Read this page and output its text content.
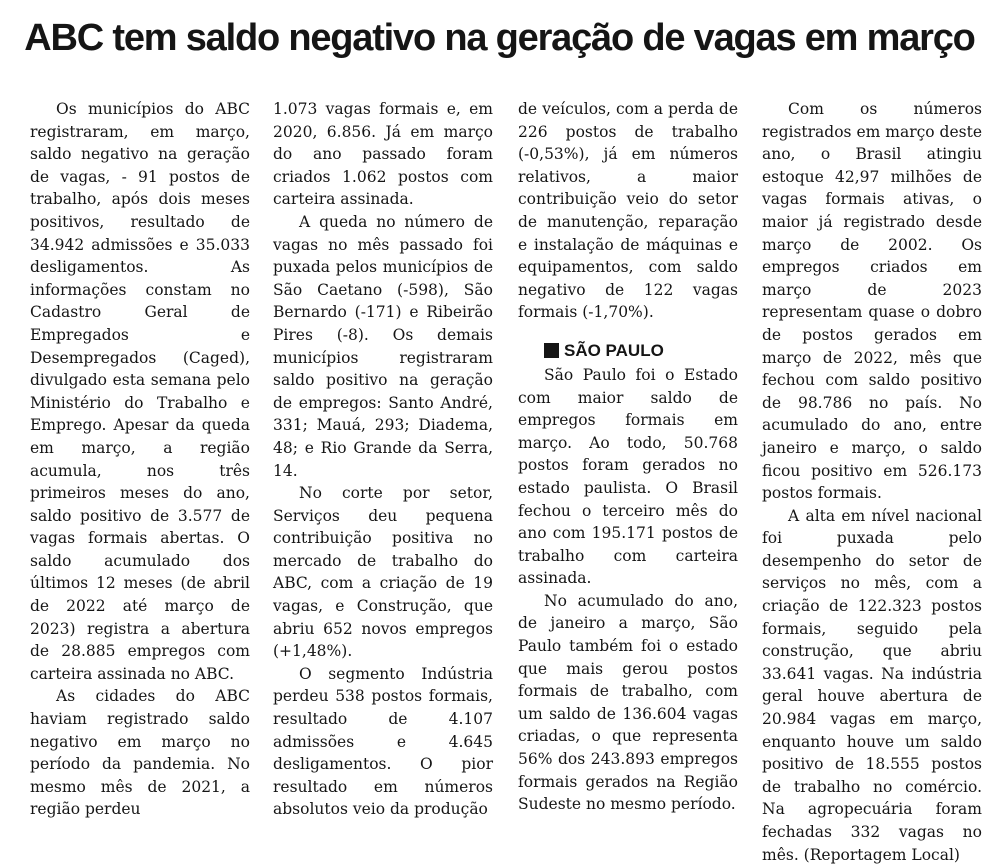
ABC tem saldo negativo na geração de vagas em março

Os municípios do ABC registraram, em março, saldo negativo na geração de vagas, - 91 postos de trabalho, após dois meses positivos, resultado de 34.942 admissões e 35.033 desligamentos. As informações constam no Cadastro Geral de Empregados e Desempregados (Caged), divulgado esta semana pelo Ministério do Trabalho e Emprego. Apesar da queda em março, a região acumula, nos três primeiros meses do ano, saldo positivo de 3.577 de vagas formais abertas. O saldo acumulado dos últimos 12 meses (de abril de 2022 até março de 2023) registra a abertura de 28.885 empregos com carteira assinada no ABC.

As cidades do ABC haviam registrado saldo negativo em março no período da pandemia. No mesmo mês de 2021, a região perdeu

1.073 vagas formais e, em 2020, 6.856. Já em março do ano passado foram criados 1.062 postos com carteira assinada.

A queda no número de vagas no mês passado foi puxada pelos municípios de São Caetano (-598), São Bernardo (-171) e Ribeirão Pires (-8). Os demais municípios registraram saldo positivo na geração de empregos: Santo André, 331; Mauá, 293; Diadema, 48; e Rio Grande da Serra, 14.

No corte por setor, Serviços deu pequena contribuição positiva no mercado de trabalho do ABC, com a criação de 19 vagas, e Construção, que abriu 652 novos empregos (+1,48%).

O segmento Indústria perdeu 538 postos formais, resultado de 4.107 admissões e 4.645 desligamentos. O pior resultado em números absolutos veio da produção

de veículos, com a perda de 226 postos de trabalho (-0,53%), já em números relativos, a maior contribuição veio do setor de manutenção, reparação e instalação de máquinas e equipamentos, com saldo negativo de 122 vagas formais (-1,70%).

SÃO PAULO

São Paulo foi o Estado com maior saldo de empregos formais em março. Ao todo, 50.768 postos foram gerados no estado paulista. O Brasil fechou o terceiro mês do ano com 195.171 postos de trabalho com carteira assinada.

No acumulado do ano, de janeiro a março, São Paulo também foi o estado que mais gerou postos formais de trabalho, com um saldo de 136.604 vagas criadas, o que representa 56% dos 243.893 empregos formais gerados na Região Sudeste no mesmo período.

Com os números registrados em março deste ano, o Brasil atingiu estoque 42,97 milhões de vagas formais ativas, o maior já registrado desde março de 2002. Os empregos criados em março de 2023 representam quase o dobro de postos gerados em março de 2022, mês que fechou com saldo positivo de 98.786 no país. No acumulado do ano, entre janeiro e março, o saldo ficou positivo em 526.173 postos formais.

A alta em nível nacional foi puxada pelo desempenho do setor de serviços no mês, com a criação de 122.323 postos formais, seguido pela construção, que abriu 33.641 vagas. Na indústria geral houve abertura de 20.984 vagas em março, enquanto houve um saldo positivo de 18.555 postos de trabalho no comércio. Na agropecuária foram fechadas 332 vagas no mês. (Reportagem Local)
